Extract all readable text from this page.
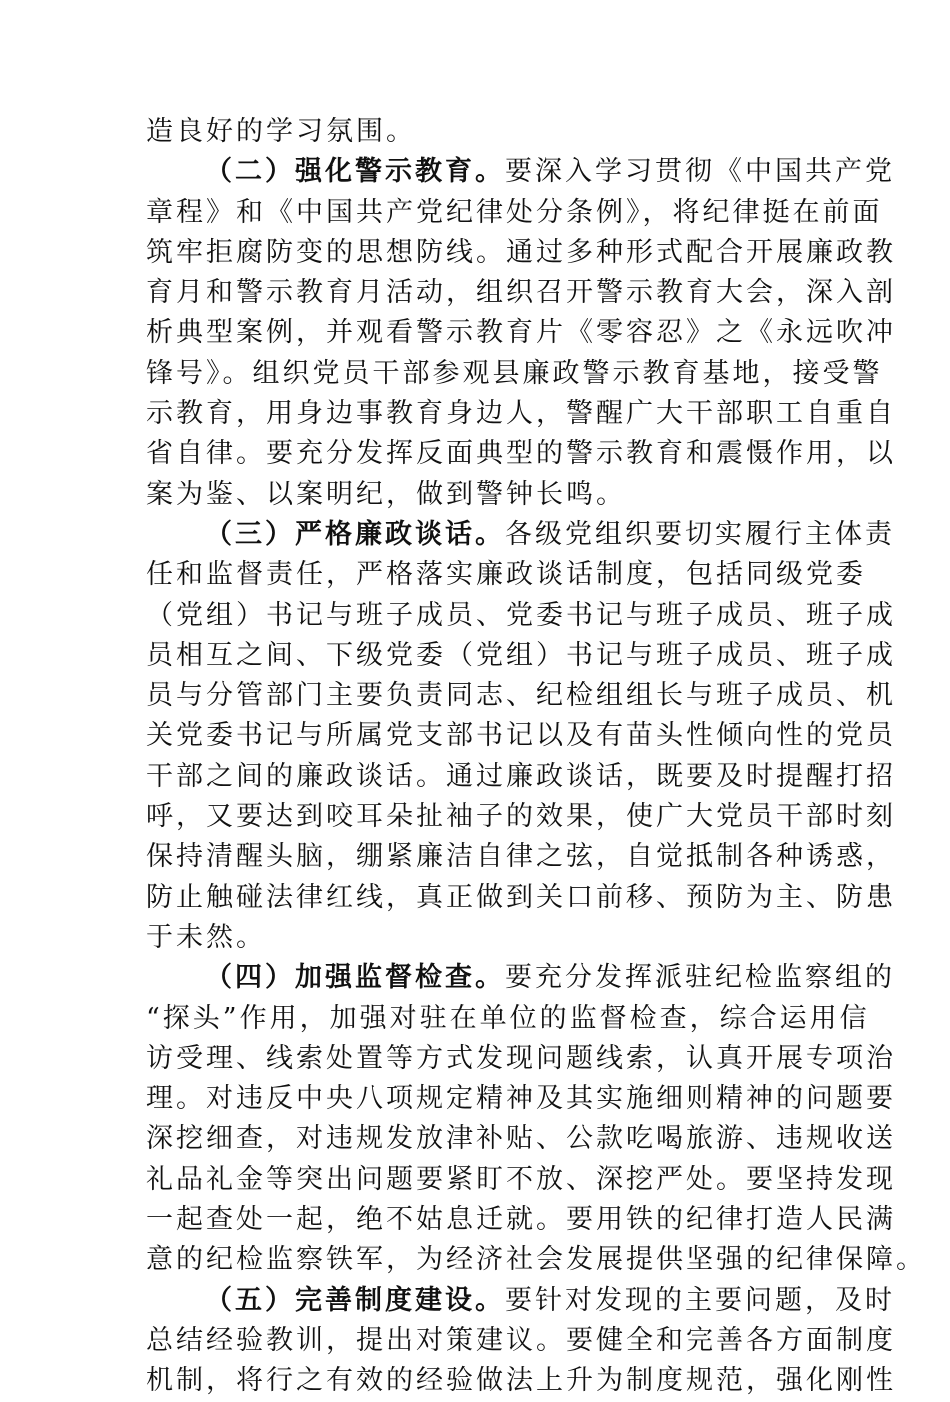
造良好的学习氛围。
（二）强化警示教育。要深入学习贯彻《中国共产党
章程》和《中国共产党纪律处分条例》，将纪律挺在前面
筑牢拒腐防变的思想防线。通过多种形式配合开展廉政教
育月和警示教育月活动，组织召开警示教育大会，深入剖
析典型案例，并观看警示教育片《零容忍》之《永远吹冲
锋号》。组织党员干部参观县廉政警示教育基地，接受警
示教育，用身边事教育身边人，警醒广大干部职工自重自
省自律。要充分发挥反面典型的警示教育和震慑作用，以
案为鉴、以案明纪，做到警钟长鸣。
（三）严格廉政谈话。各级党组织要切实履行主体责
任和监督责任，严格落实廉政谈话制度，包括同级党委
（党组）书记与班子成员、党委书记与班子成员、班子成
员相互之间、下级党委（党组）书记与班子成员、班子成
员与分管部门主要负责同志、纪检组组长与班子成员、机
关党委书记与所属党支部书记以及有苗头性倾向性的党员
干部之间的廉政谈话。通过廉政谈话，既要及时提醒打招
呼，又要达到咬耳朵扯袖子的效果，使广大党员干部时刻
保持清醒头脑，绷紧廉洁自律之弦，自觉抵制各种诱惑，
防止触碰法律红线，真正做到关口前移、预防为主、防患
于未然。
（四）加强监督检查。要充分发挥派驻纪检监察组的
“探头”作用，加强对驻在单位的监督检查，综合运用信
访受理、线索处置等方式发现问题线索，认真开展专项治
理。对违反中央八项规定精神及其实施细则精神的问题要
深挖细查，对违规发放津补贴、公款吃喝旅游、违规收送
礼品礼金等突出问题要紧盯不放、深挖严处。要坚持发现
一起查处一起，绝不姑息迁就。要用铁的纪律打造人民满
意的纪检监察铁军，为经济社会发展提供坚强的纪律保障。
（五）完善制度建设。要针对发现的主要问题，及时
总结经验教训，提出对策建议。要健全和完善各方面制度
机制，将行之有效的经验做法上升为制度规范，强化刚性
